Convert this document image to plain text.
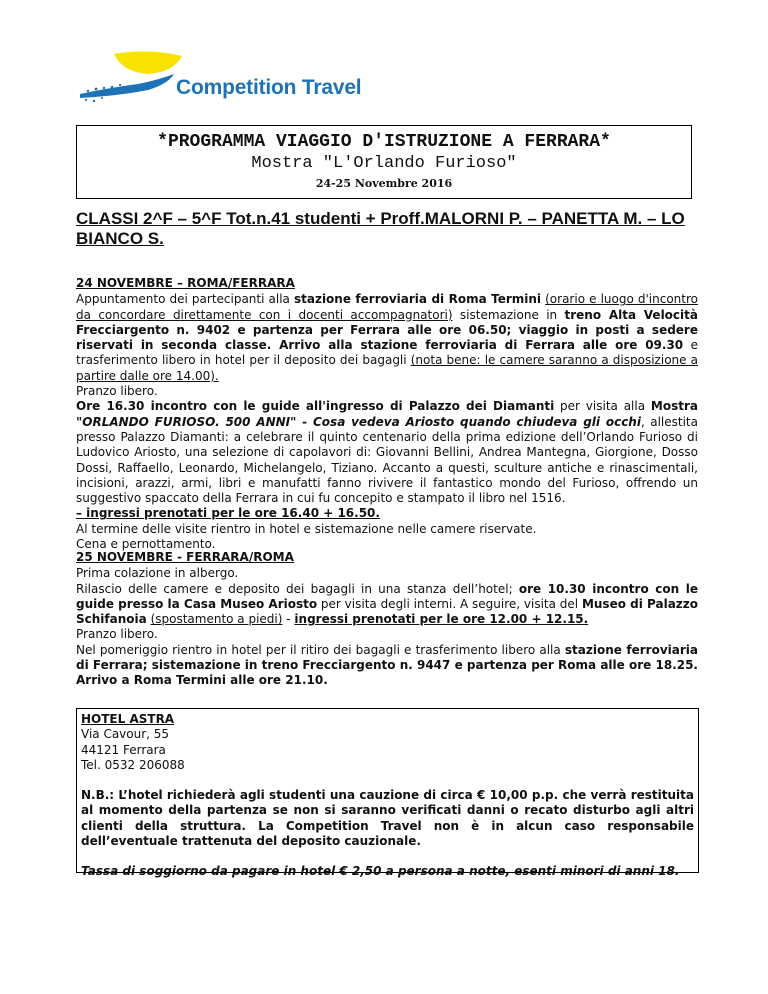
Competition Travel
*PROGRAMMA VIAGGIO D'ISTRUZIONE A FERRARA*
Mostra "L'Orlando Furioso"
24-25 Novembre 2016
CLASSI 2^F – 5^F Tot.n.41 studenti + Proff.MALORNI P. – PANETTA M. – LO BIANCO S.

24 NOVEMBRE – ROMA/FERRARA

Appuntamento dei partecipanti alla stazione ferroviaria di Roma Termini (orario e luogo d'incontro da concordare direttamente con i docenti accompagnatori) sistemazione in treno Alta Velocità Frecciargento n. 9402 e partenza per Ferrara alle ore 06.50; viaggio in posti a sedere riservati in seconda classe. Arrivo alla stazione ferroviaria di Ferrara alle ore 09.30 e trasferimento libero in hotel per il deposito dei bagagli (nota bene: le camere saranno a disposizione a partire dalle ore 14.00).

Pranzo libero.

Ore 16.30 incontro con le guide all'ingresso di Palazzo dei Diamanti per visita alla Mostra "ORLANDO FURIOSO. 500 ANNI" - Cosa vedeva Ariosto quando chiudeva gli occhi, allestita presso Palazzo Diamanti: a celebrare il quinto centenario della prima edizione dell’Orlando Furioso di Ludovico Ariosto, una selezione di capolavori di: Giovanni Bellini, Andrea Mantegna, Giorgione, Dosso Dossi, Raffaello, Leonardo, Michelangelo, Tiziano. Accanto a questi, sculture antiche e rinascimentali, incisioni, arazzi, armi, libri e manufatti fanno rivivere il fantastico mondo del Furioso, offrendo un suggestivo spaccato della Ferrara in cui fu concepito e stampato il libro nel 1516.

– ingressi prenotati per le ore 16.40 + 16.50.

Al termine delle visite rientro in hotel e sistemazione nelle camere riservate.

Cena e pernottamento.

25 NOVEMBRE - FERRARA/ROMA

Prima colazione in albergo.

Rilascio delle camere e deposito dei bagagli in una stanza dell’hotel; ore 10.30 incontro con le guide presso la Casa Museo Ariosto per visita degli interni. A seguire, visita del Museo di Palazzo Schifanoia (spostamento a piedi) - ingressi prenotati per le ore 12.00 + 12.15.

Pranzo libero.

Nel pomeriggio rientro in hotel per il ritiro dei bagagli e trasferimento libero alla stazione ferroviaria di Ferrara; sistemazione in treno Frecciargento n. 9447 e partenza per Roma alle ore 18.25. Arrivo a Roma Termini alle ore 21.10.

HOTEL ASTRA

Via Cavour, 55

44121 Ferrara

Tel. 0532 206088

N.B.: L’hotel richiederà agli studenti una cauzione di circa € 10,00 p.p. che verrà restituita al momento della partenza se non si saranno verificati danni o recato disturbo agli altri clienti della struttura. La Competition Travel non è in alcun caso responsabile dell’eventuale trattenuta del deposito cauzionale.

Tassa di soggiorno da pagare in hotel € 2,50 a persona a notte, esenti minori di anni 18.
